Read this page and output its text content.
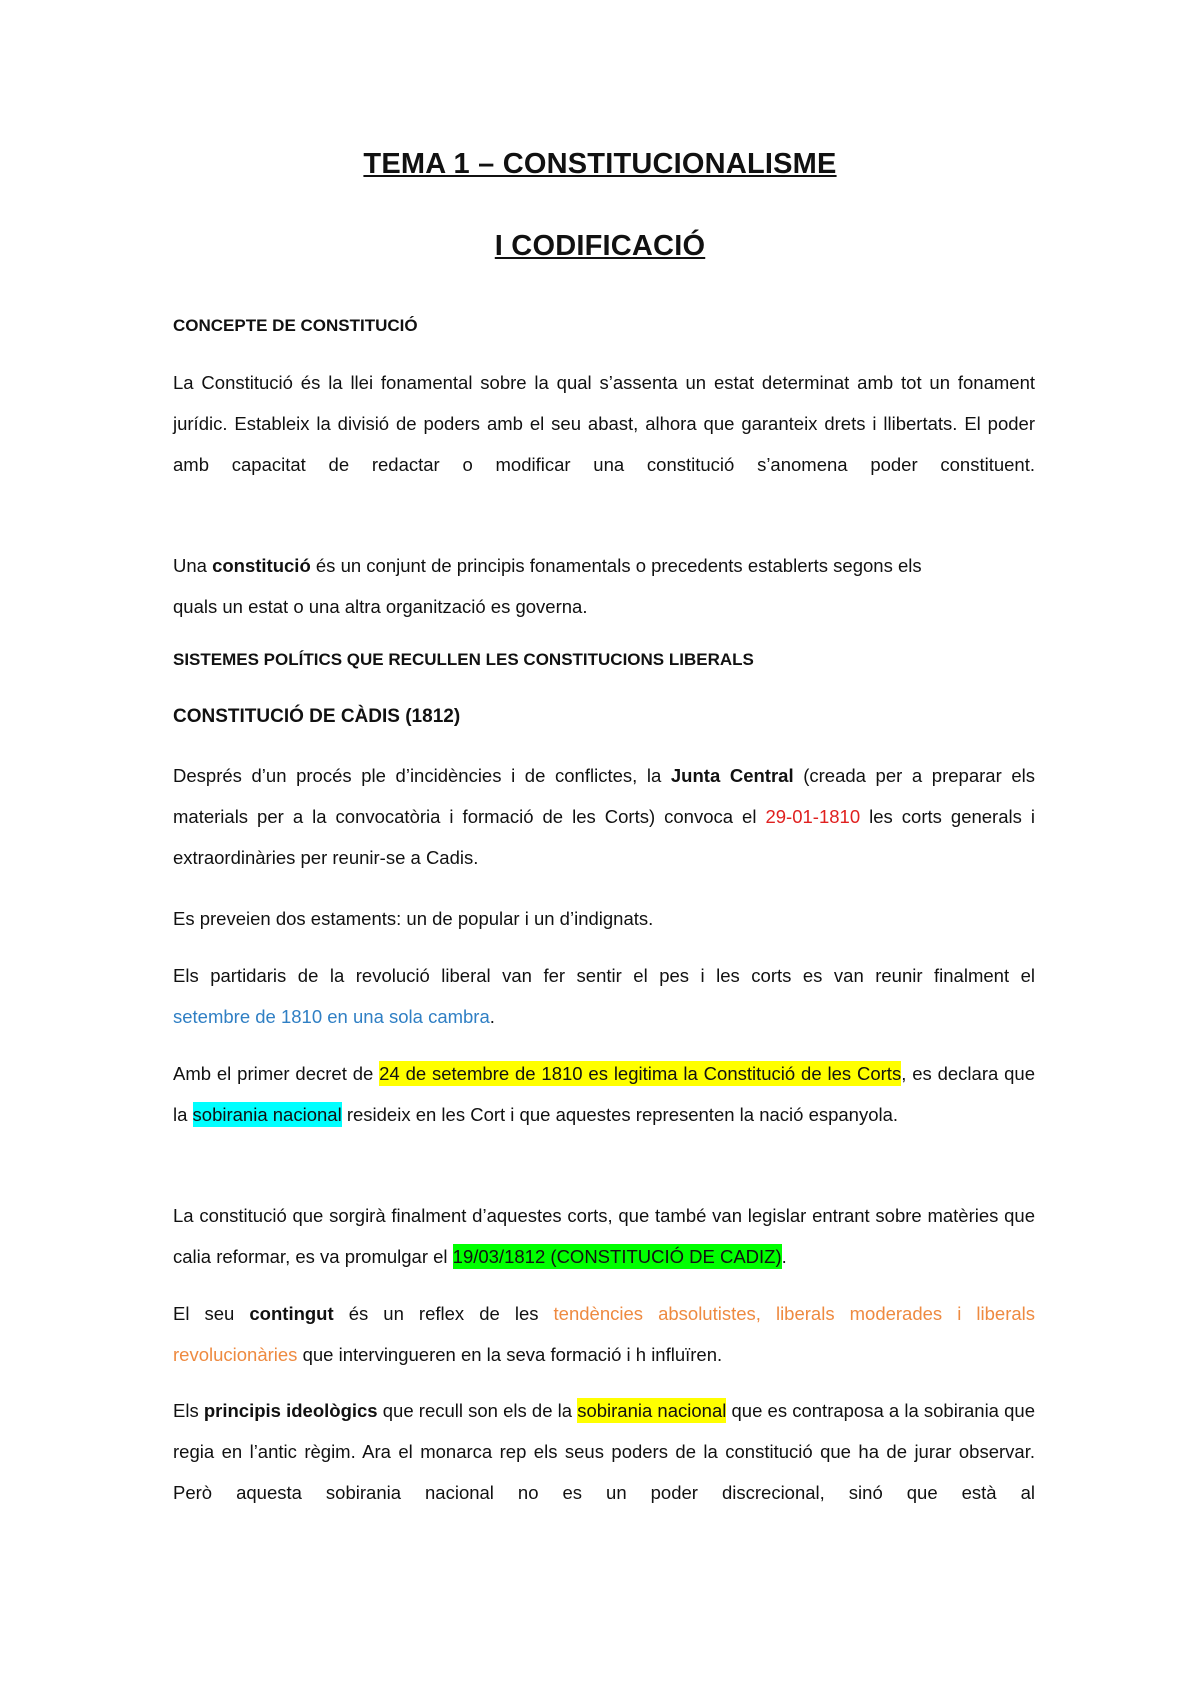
TEMA 1 – CONSTITUCIONALISME
I CODIFICACIÓ
CONCEPTE DE CONSTITUCIÓ
La Constitució és la llei fonamental sobre la qual s’assenta un estat determinat amb tot un fonament jurídic. Estableix la divisió de poders amb el seu abast, alhora que garanteix drets i llibertats. El poder amb capacitat de redactar o modificar una constitució s’anomena poder constituent.
Una constitució és un conjunt de principis fonamentals o precedents establerts segons els
quals un estat o una altra organització es governa.
SISTEMES POLÍTICS QUE RECULLEN LES CONSTITUCIONS LIBERALS
CONSTITUCIÓ DE CÀDIS (1812)
Després d’un procés ple d’incidències i de conflictes, la Junta Central (creada per a preparar els materials per a la convocatòria i formació de les Corts) convoca el 29-01-1810 les corts generals i extraordinàries per reunir-se a Cadis.
Es preveien dos estaments: un de popular i un d’indignats.
Els partidaris de la revolució liberal van fer sentir el pes i les corts es van reunir finalment el
setembre de 1810 en una sola cambra.
Amb el primer decret de 24 de setembre de 1810 es legitima la Constitució de les Corts, es declara que la sobirania nacional resideix en les Cort i que aquestes representen la nació espanyola.
La constitució que sorgirà finalment d’aquestes corts, que també van legislar entrant sobre matèries que calia reformar, es va promulgar el 19/03/1812 (CONSTITUCIÓ DE CADIZ).
El seu contingut és un reflex de les tendències absolutistes, liberals moderades i liberals revolucionàries que intervingueren en la seva formació i h influïren.
Els principis ideològics que recull son els de la sobirania nacional que es contraposa a la sobirania que regia en l’antic règim. Ara el monarca rep els seus poders de la constitució que ha de jurar observar. Però aquesta sobirania nacional no es un poder discrecional, sinó que està al
